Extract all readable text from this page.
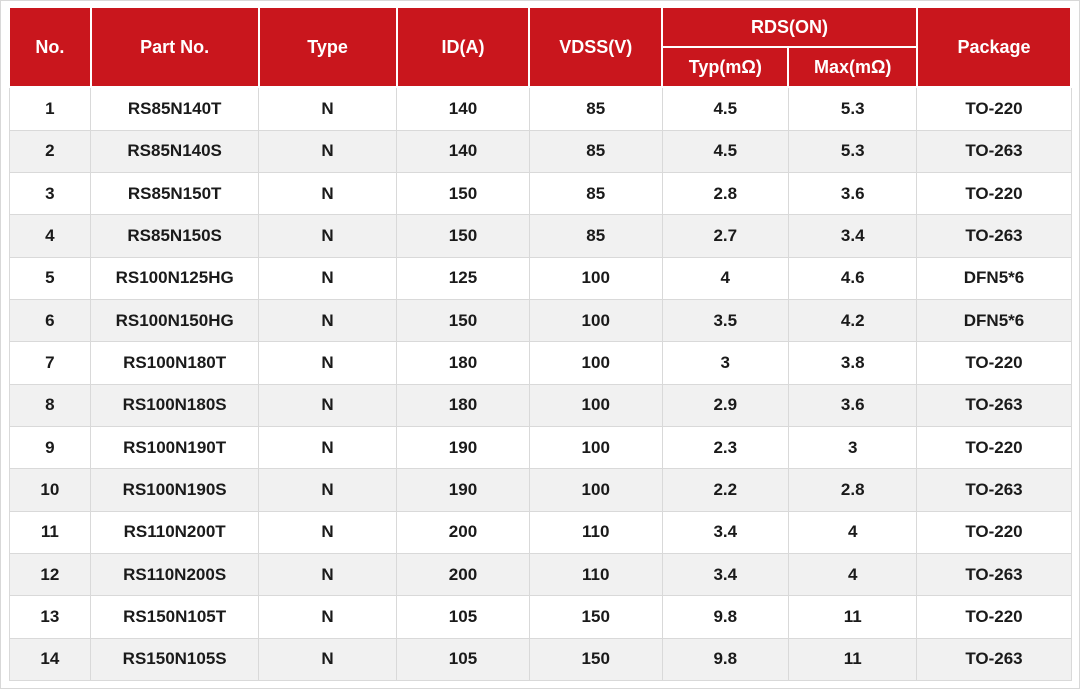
No.	Part No.	Type	ID(A)	VDSS(V)	RDS(ON)		Package
					Typ(mΩ)	Max(mΩ)	
1	RS85N140T	N	140	85	4.5	5.3	TO-220
2	RS85N140S	N	140	85	4.5	5.3	TO-263
3	RS85N150T	N	150	85	2.8	3.6	TO-220
4	RS85N150S	N	150	85	2.7	3.4	TO-263
5	RS100N125HG	N	125	100	4	4.6	DFN5*6
6	RS100N150HG	N	150	100	3.5	4.2	DFN5*6
7	RS100N180T	N	180	100	3	3.8	TO-220
8	RS100N180S	N	180	100	2.9	3.6	TO-263
9	RS100N190T	N	190	100	2.3	3	TO-220
10	RS100N190S	N	190	100	2.2	2.8	TO-263
11	RS110N200T	N	200	110	3.4	4	TO-220
12	RS110N200S	N	200	110	3.4	4	TO-263
13	RS150N105T	N	105	150	9.8	11	TO-220
14	RS150N105S	N	105	150	9.8	11	TO-263
